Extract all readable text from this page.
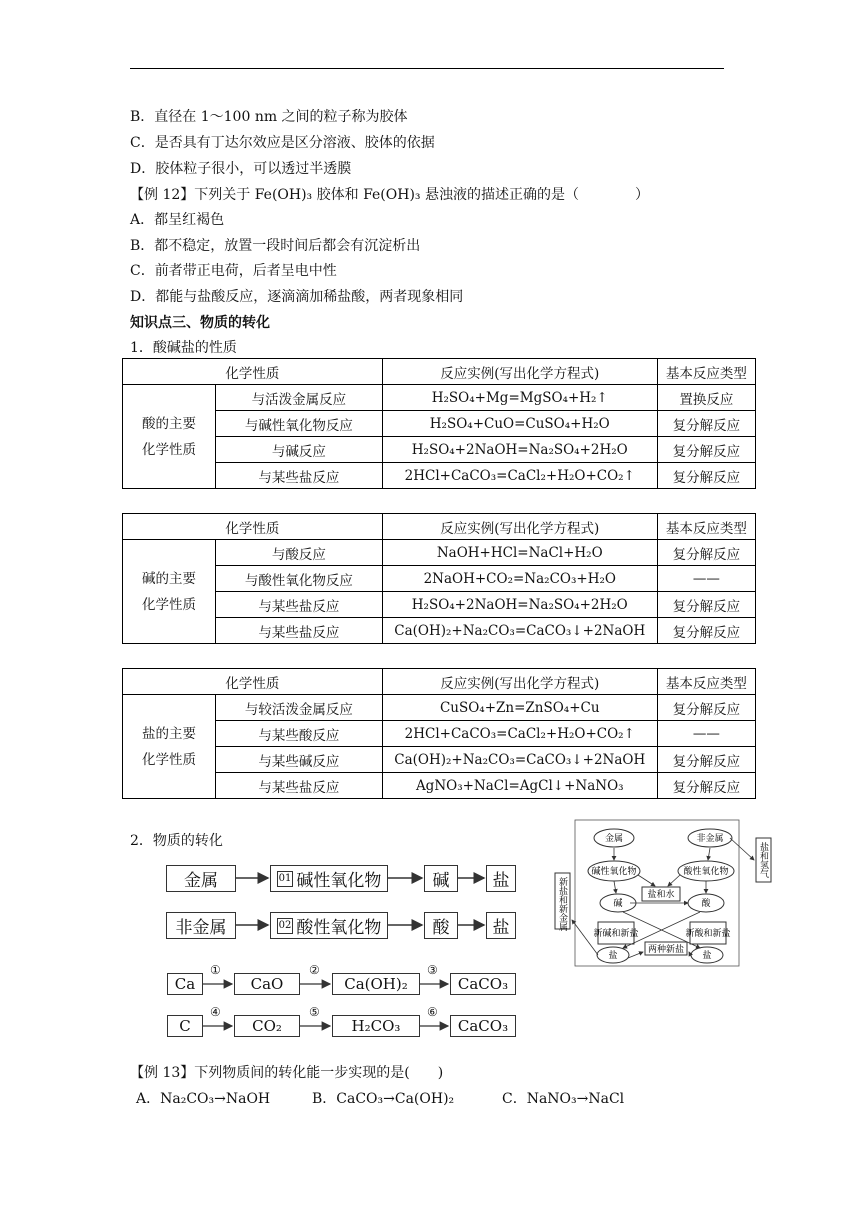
B．直径在 1～100 nm 之间的粒子称为胶体
C．是否具有丁达尔效应是区分溶液、胶体的依据
D．胶体粒子很小，可以透过半透膜
【例 12】下列关于 Fe(OH)₃ 胶体和 Fe(OH)₃ 悬浊液的描述正确的是（　　　　）
A．都呈红褐色
B．都不稳定，放置一段时间后都会有沉淀析出
C．前者带正电荷，后者呈电中性
D．都能与盐酸反应，逐滴滴加稀盐酸，两者现象相同
知识点三、物质的转化
1．酸碱盐的性质
化学性质		反应实例(写出化学方程式)	基本反应类型
酸的主要
化学性质	与活泼金属反应	H₂SO₄+Mg=MgSO₄+H₂↑	置换反应
	与碱性氧化物反应	H₂SO₄+CuO=CuSO₄+H₂O	复分解反应
	与碱反应	H₂SO₄+2NaOH=Na₂SO₄+2H₂O	复分解反应
	与某些盐反应	2HCl+CaCO₃=CaCl₂+H₂O+CO₂↑	复分解反应
化学性质		反应实例(写出化学方程式)	基本反应类型
碱的主要
化学性质	与酸反应	NaOH+HCl=NaCl+H₂O	复分解反应
	与酸性氧化物反应	2NaOH+CO₂=Na₂CO₃+H₂O	——
	与某些盐反应	H₂SO₄+2NaOH=Na₂SO₄+2H₂O	复分解反应
	与某些盐反应	Ca(OH)₂+Na₂CO₃=CaCO₃↓+2NaOH	复分解反应
化学性质		反应实例(写出化学方程式)	基本反应类型
盐的主要
化学性质	与较活泼金属反应	CuSO₄+Zn=ZnSO₄+Cu	复分解反应
	与某些酸反应	2HCl+CaCO₃=CaCl₂+H₂O+CO₂↑	——
	与某些碱反应	Ca(OH)₂+Na₂CO₃=CaCO₃↓+2NaOH	复分解反应
	与某些盐反应	AgNO₃+NaCl=AgCl↓+NaNO₃	复分解反应
2．物质的转化
金属	01 碱性氧化物	碱	盐
非金属	02 酸性氧化物	酸	盐
Ca
①
CaO
②
Ca(OH)₂
③
CaCO₃
C
④
CO₂
⑤
H₂CO₃
⑥
CaCO₃
金属	非金属
碱性氧化物	酸性氧化物
盐和水
碱	酸
新碱和新盐	新酸和新盐
两种新盐
盐	盐
新盐和新金属
盐和氢气
【例 13】下列物质间的转化能一步实现的是(　　)
A．Na₂CO₃→NaOH	B．CaCO₃→Ca(OH)₂	C．NaNO₃→NaCl
